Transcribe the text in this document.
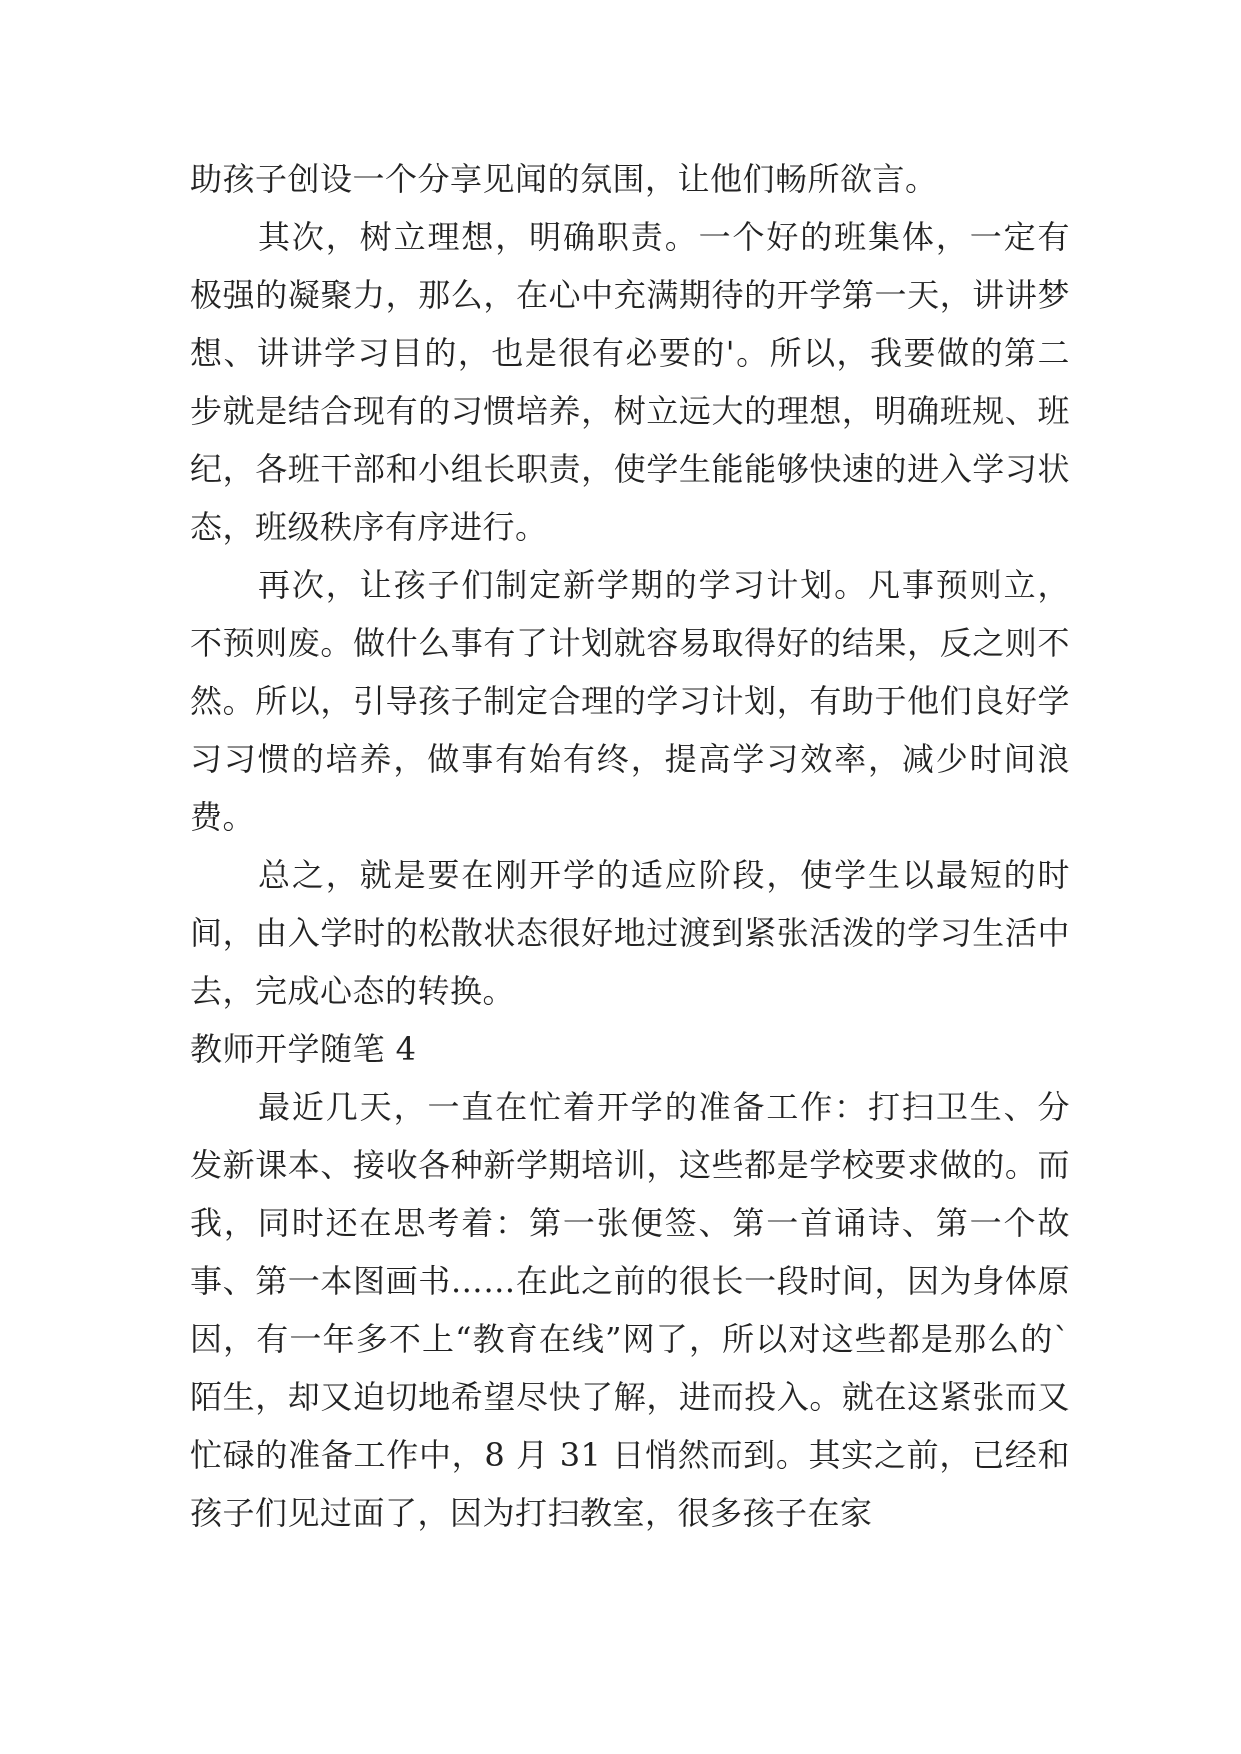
助孩子创设一个分享见闻的氛围，让他们畅所欲言。

其次，树立理想，明确职责。一个好的班集体，一定有极强的凝聚力，那么，在心中充满期待的开学第一天，讲讲梦想、讲讲学习目的，也是很有必要的'。所以，我要做的第二步就是结合现有的习惯培养，树立远大的理想，明确班规、班纪，各班干部和小组长职责，使学生能能够快速的进入学习状态，班级秩序有序进行。

再次，让孩子们制定新学期的学习计划。凡事预则立，不预则废。做什么事有了计划就容易取得好的结果，反之则不然。所以，引导孩子制定合理的学习计划，有助于他们良好学习习惯的培养，做事有始有终，提高学习效率，减少时间浪费。

总之，就是要在刚开学的适应阶段，使学生以最短的时间，由入学时的松散状态很好地过渡到紧张活泼的学习生活中去，完成心态的转换。

教师开学随笔 4

最近几天，一直在忙着开学的准备工作：打扫卫生、分发新课本、接收各种新学期培训，这些都是学校要求做的。而我，同时还在思考着：第一张便签、第一首诵诗、第一个故事、第一本图画书……在此之前的很长一段时间，因为身体原因，有一年多不上“教育在线”网了，所以对这些都是那么的`陌生，却又迫切地希望尽快了解，进而投入。就在这紧张而又忙碌的准备工作中，8 月 31 日悄然而到。其实之前，已经和孩子们见过面了，因为打扫教室，很多孩子在家
